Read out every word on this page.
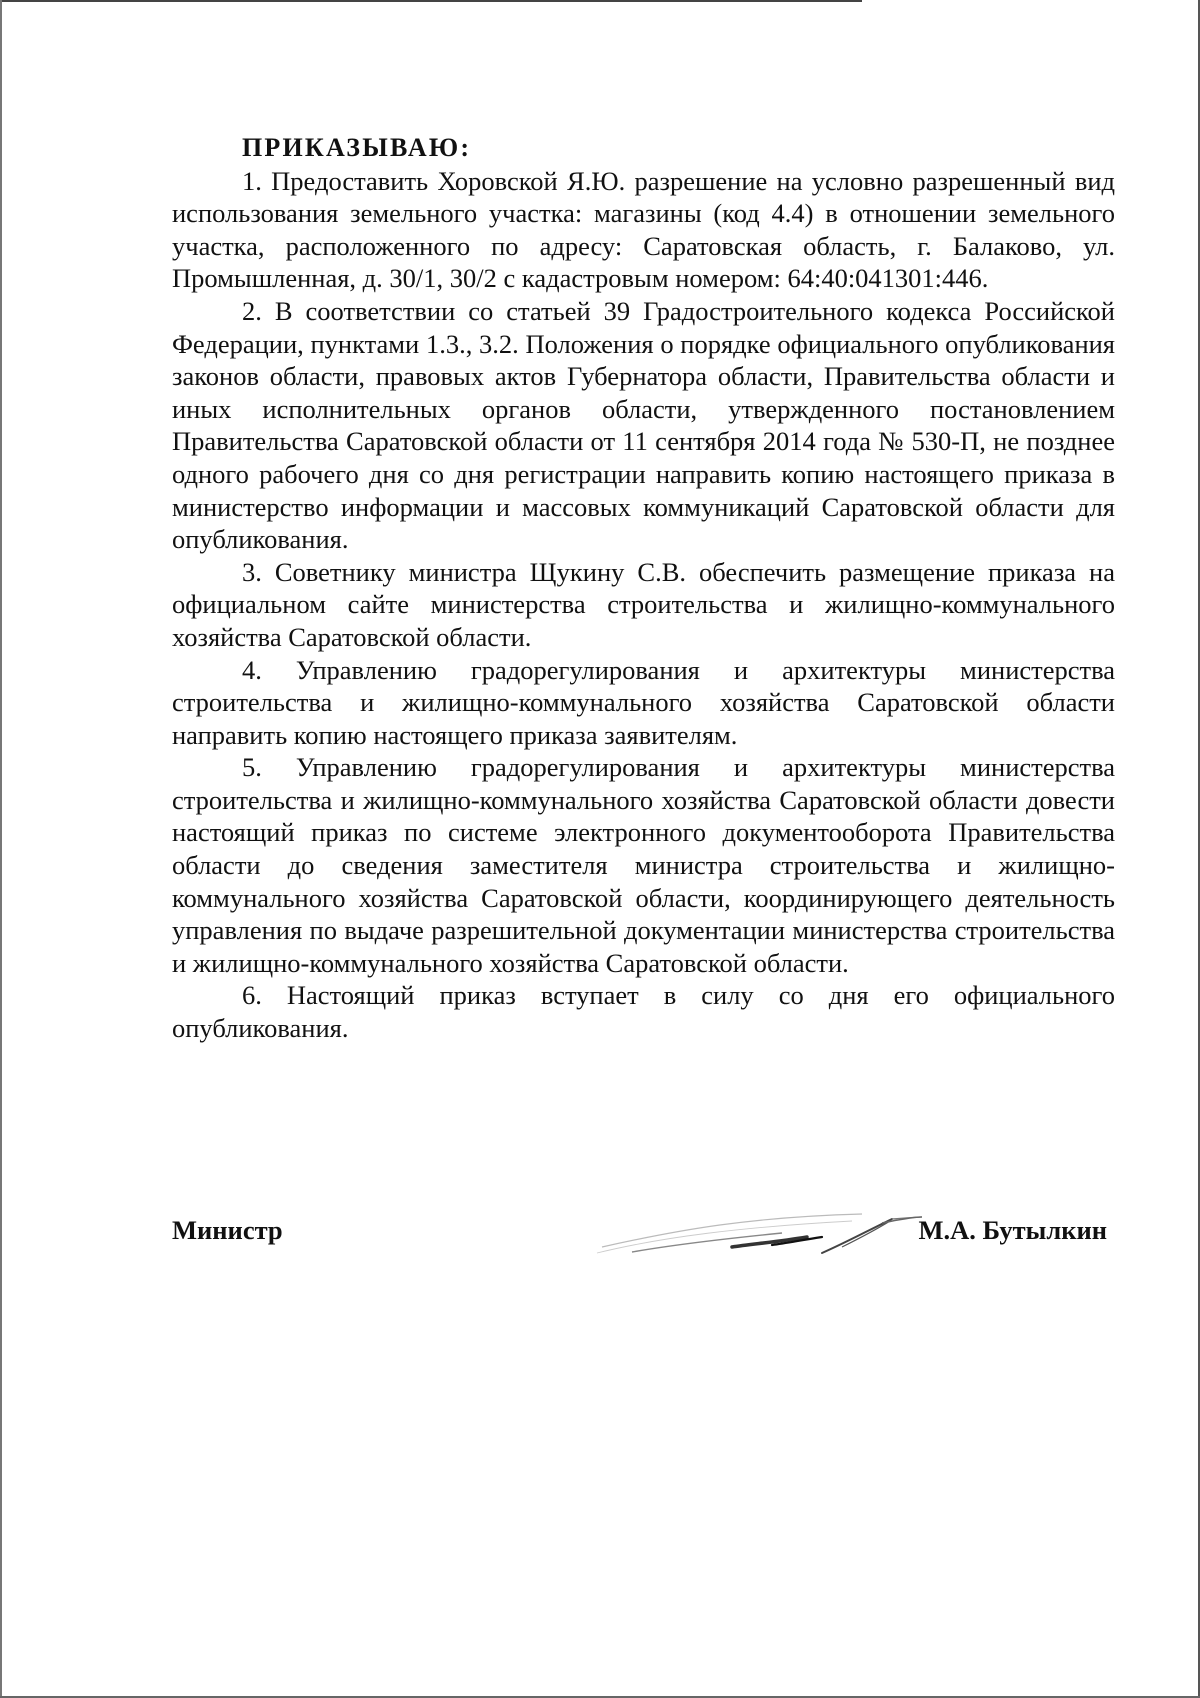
ПРИКАЗЫВАЮ:

1. Предоставить Хоровской Я.Ю. разрешение на условно разрешенный вид использования земельного участка: магазины (код 4.4) в отношении земельного участка, расположенного по адресу: Саратовская область, г. Балаково, ул. Промышленная, д. 30/1, 30/2 с кадастровым номером: 64:40:041301:446.

2. В соответствии со статьей 39 Градостроительного кодекса Российской Федерации, пунктами 1.3., 3.2. Положения о порядке официального опубликования законов области, правовых актов Губернатора области, Правительства области и иных исполнительных органов области, утвержденного постановлением Правительства Саратовской области от 11 сентября 2014 года № 530-П, не позднее одного рабочего дня со дня регистрации направить копию настоящего приказа в министерство информации и массовых коммуникаций Саратовской области для опубликования.

3. Советнику министра Щукину С.В. обеспечить размещение приказа на официальном сайте министерства строительства и жилищно-коммунального хозяйства Саратовской области.

4. Управлению градорегулирования и архитектуры министерства строительства и жилищно-коммунального хозяйства Саратовской области направить копию настоящего приказа заявителям.

5. Управлению градорегулирования и архитектуры министерства строительства и жилищно-коммунального хозяйства Саратовской области довести настоящий приказ по системе электронного документооборота Правительства области до сведения заместителя министра строительства и жилищно-коммунального хозяйства Саратовской области, координирующего деятельность управления по выдаче разрешительной документации министерства строительства и жилищно-коммунального хозяйства Саратовской области.

6. Настоящий приказ вступает в силу со дня его официального опубликования.

Министр	М.А. Бутылкин
